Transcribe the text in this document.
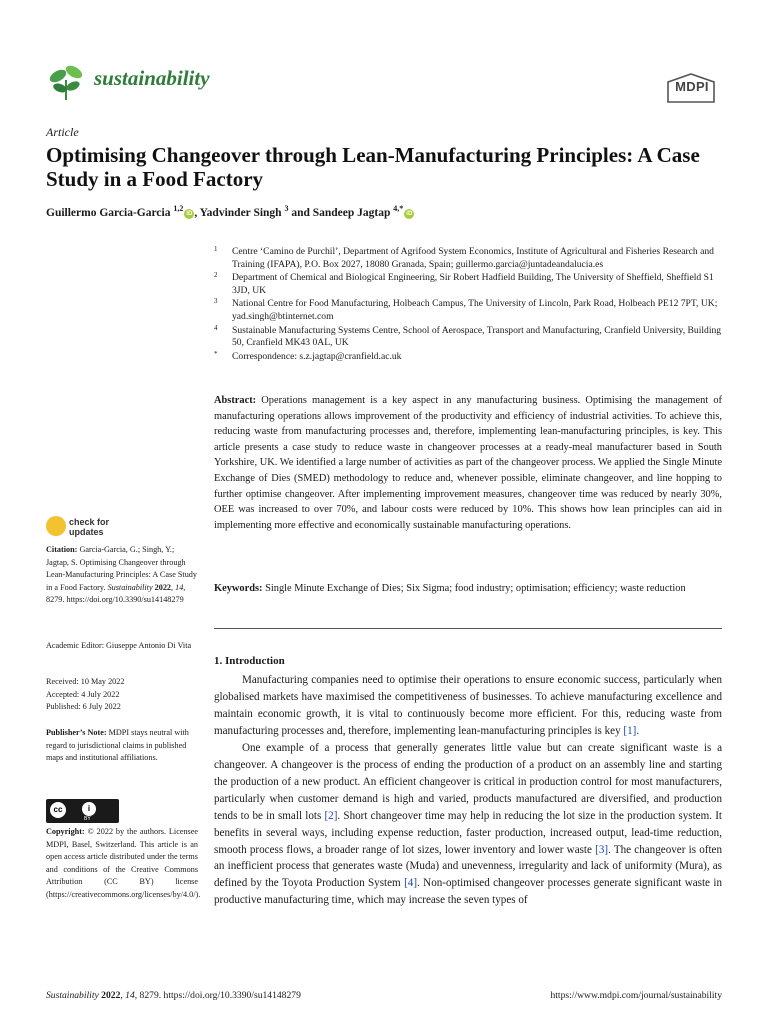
sustainability	MDPI
Article
Optimising Changeover through Lean-Manufacturing Principles: A Case Study in a Food Factory
Guillermo Garcia-Garcia $^{1,2}$iD , Yadvinder Singh $^3$ and Sandeep Jagtap $^{4,*}$iD
1 Centre ‘Camino de Purchil’, Department of Agrifood System Economics, Institute of Agricultural and Fisheries Research and Training (IFAPA), P.O. Box 2027, 18080 Granada, Spain; guillermo.garcia@juntadeandalucia.es
2 Department of Chemical and Biological Engineering, Sir Robert Hadfield Building, The University of Sheffield, Sheffield S1 3JD, UK
3 National Centre for Food Manufacturing, Holbeach Campus, The University of Lincoln, Park Road, Holbeach PE12 7PT, UK; yad.singh@btinternet.com
4 Sustainable Manufacturing Systems Centre, School of Aerospace, Transport and Manufacturing, Cranfield University, Building 50, Cranfield MK43 0AL, UK
* Correspondence: s.z.jagtap@cranfield.ac.uk
Abstract: Operations management is a key aspect in any manufacturing business. Optimising the management of manufacturing operations allows improvement of the productivity and efficiency of industrial activities. To achieve this, reducing waste from manufacturing processes and, therefore, implementing lean-manufacturing principles, is key. This article presents a case study to reduce waste in changeover processes at a ready-meal manufacturer based in South Yorkshire, UK. We identified a large number of activities as part of the changeover process. We applied the Single Minute Exchange of Dies (SMED) methodology to reduce and, whenever possible, eliminate changeover, and line hopping to further optimise changeover. After implementing improvement measures, changeover time was reduced by nearly 30%, OEE was increased to over 70%, and labour costs were reduced by 10%. This shows how lean principles can aid in implementing more effective and economically sustainable manufacturing operations.
Keywords: Single Minute Exchange of Dies; Six Sigma; food industry; optimisation; efficiency; waste reduction
1. Introduction

Manufacturing companies need to optimise their operations to ensure economic success, particularly when globalised markets have maximised the competitiveness of businesses. To achieve manufacturing excellence and maintain economic growth, it is vital to continuously become more efficient. For this, reducing waste from manufacturing processes and, therefore, implementing lean-manufacturing principles is key [1].

One example of a process that generally generates little value but can create significant waste is a changeover. A changeover is the process of ending the production of a product on an assembly line and starting the production of a new product. An efficient changeover is critical in production control for most manufacturers, particularly when customer demand is high and varied, products manufactured are diversified, and production tends to be in small lots [2]. Short changeover time may help in reducing the lot size in the production system. It benefits in several ways, including expense reduction, faster production, increased output, lead-time reduction, smooth process flows, a broader range of lot sizes, lower inventory and lower waste [3]. The changeover is often an inefficient process that generates waste (Muda) and unevenness, irregularity and lack of uniformity (Mura), as defined by the Toyota Production System [4]. Non-optimised changeover processes generate significant waste in productive manufacturing time, which may increase the seven types of

check for
updates
Citation: Garcia-Garcia, G.; Singh, Y.; Jagtap, S. Optimising Changeover through Lean-Manufacturing Principles: A Case Study in a Food Factory. Sustainability 2022, 14, 8279. https://doi.org/10.3390/su14148279
Academic Editor: Giuseppe Antonio Di Vita
Received: 10 May 2022
Accepted: 4 July 2022
Published: 6 July 2022
Publisher’s Note: MDPI stays neutral with regard to jurisdictional claims in published maps and institutional affiliations.
cc	i
BY
Copyright: © 2022 by the authors. Licensee MDPI, Basel, Switzerland. This article is an open access article distributed under the terms and conditions of the Creative Commons Attribution (CC BY) license (https://creativecommons.org/licenses/by/4.0/).
Sustainability 2022, 14, 8279. https://doi.org/10.3390/su14148279	https://www.mdpi.com/journal/sustainability
